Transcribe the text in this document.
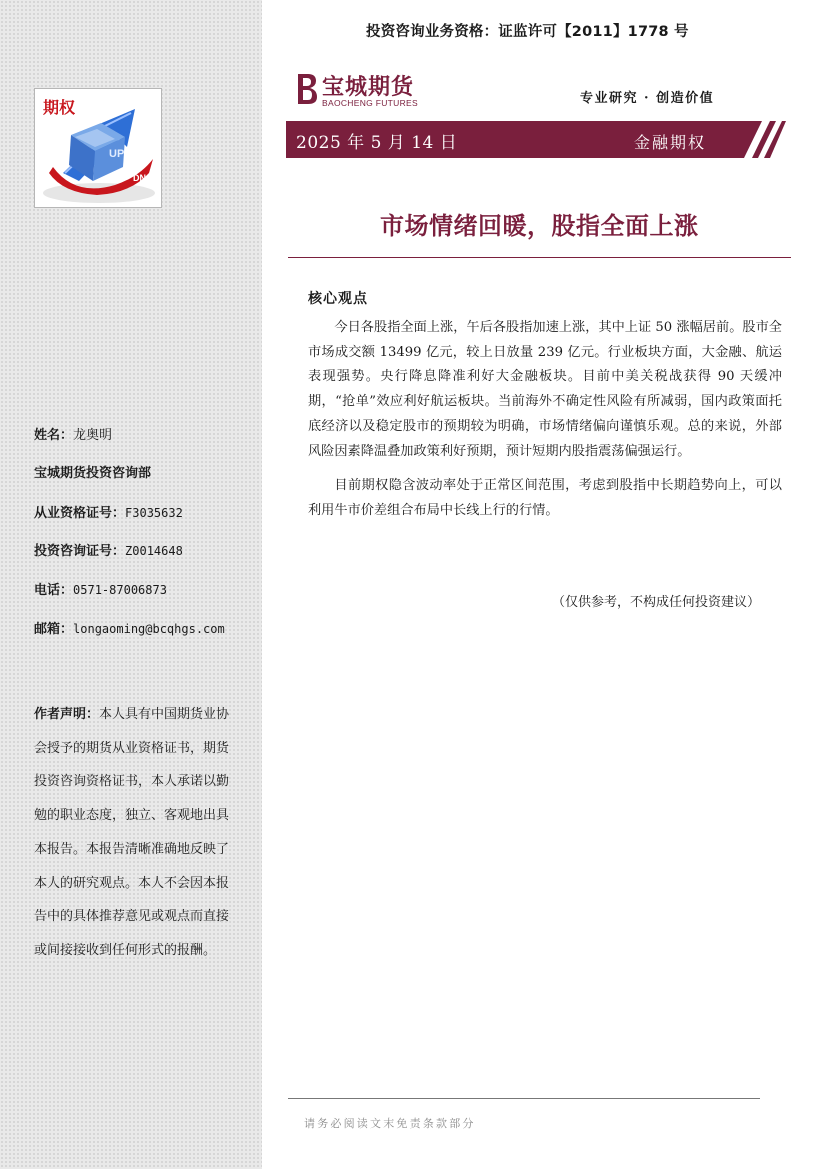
UP
DN
期权
姓名：龙奥明
宝城期货投资咨询部
从业资格证号：F3035632
投资咨询证号：Z0014648
电话：0571-87006873
邮箱：longaoming@bcqhgs.com
作者声明：本人具有中国期货业协会授予的期货从业资格证书，期货投资咨询资格证书，本人承诺以勤勉的职业态度，独立、客观地出具本报告。本报告清晰准确地反映了本人的研究观点。本人不会因本报告中的具体推荐意见或观点而直接或间接接收到任何形式的报酬。
投资咨询业务资格：证监许可【2011】1778 号
宝城期货
BAOCHENG FUTURES	专业研究 · 创造价值
2025 年 5 月 14 日	金融期权
市场情绪回暖，股指全面上涨
核心观点

今日各股指全面上涨，午后各股指加速上涨，其中上证 50 涨幅居前。股市全市场成交额 13499 亿元，较上日放量 239 亿元。行业板块方面，大金融、航运表现强势。央行降息降准利好大金融板块。目前中美关税战获得 90 天缓冲期，“抢单”效应利好航运板块。当前海外不确定性风险有所减弱，国内政策面托底经济以及稳定股市的预期较为明确，市场情绪偏向谨慎乐观。总的来说，外部风险因素降温叠加政策利好预期，预计短期内股指震荡偏强运行。

目前期权隐含波动率处于正常区间范围，考虑到股指中长期趋势向上，可以利用牛市价差组合布局中长线上行的行情。

（仅供参考，不构成任何投资建议）
请务必阅读文末免责条款部分
